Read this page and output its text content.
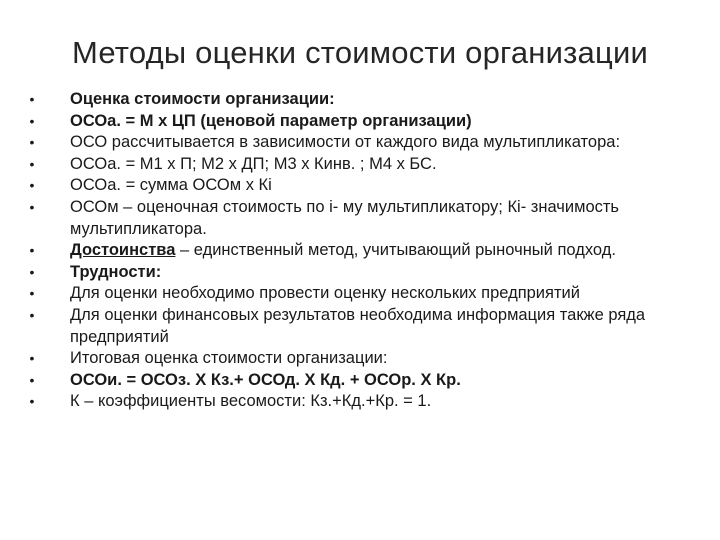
Методы оценки стоимости организации
• Оценка стоимости организации:
• ОСОа. = М х ЦП (ценовой параметр организации)
• ОСО рассчитывается в зависимости от каждого вида мультипликатора:
• ОСОа. = М1 х П; М2 х ДП; М3 х Кинв. ; М4 х БС.
• ОСОа. = сумма ОСОм х Кi
• ОСОм – оценочная стоимость по i- му мультипликатору; Кi- значимость мультипликатора.
• Достоинства – единственный метод, учитывающий рыночный подход.
• Трудности:
• Для оценки необходимо провести оценку нескольких предприятий
• Для оценки финансовых результатов необходима информация также ряда предприятий
• Итоговая оценка стоимости организации:
• ОСОи. = ОСОз. Х Кз.+ ОСОд. Х Кд. + ОСОр. Х Кр.
• К – коэффициенты весомости: Кз.+Кд.+Кр. = 1.
